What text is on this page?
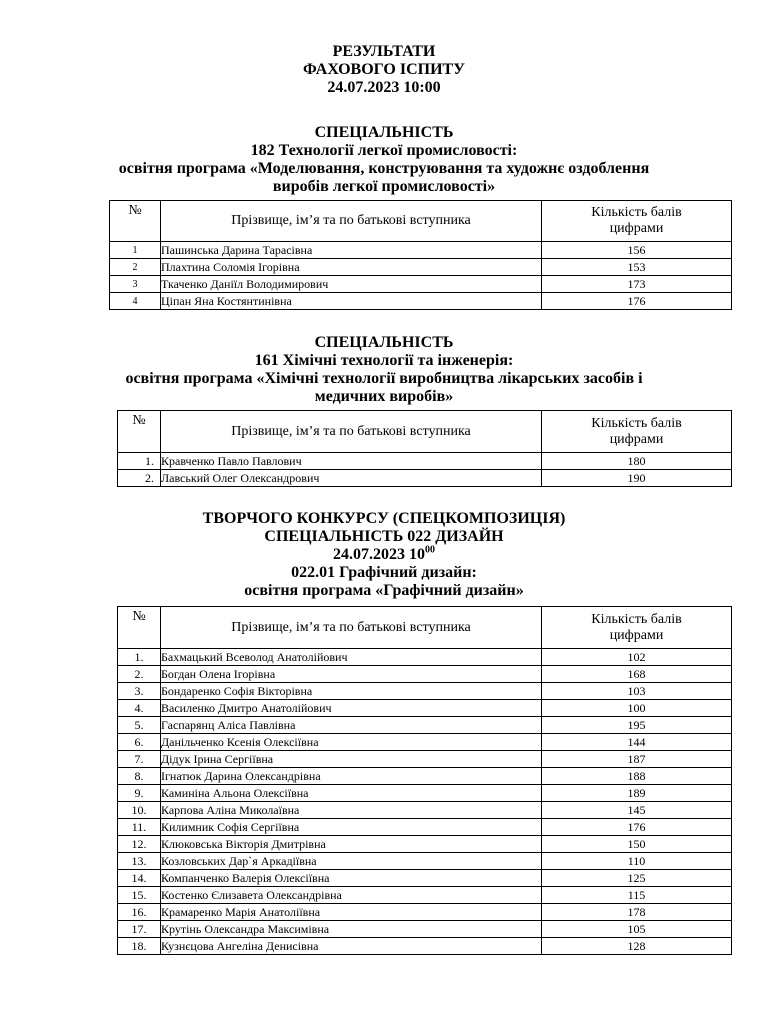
РЕЗУЛЬТАТИ
ФАХОВОГО ІСПИТУ
24.07.2023 10:00
СПЕЦІАЛЬНІСТЬ
182 Технології легкої промисловості:
освітня програма «Моделювання, конструювання та художнє оздоблення
виробів легкої промисловості»
№	Прізвище, ім’я та по батькові вступника	Кількість балів
цифрами

1	Пашинська Дарина Тарасівна	156
2	Плахтина Соломія Ігорівна	153
3	Ткаченко Даніїл Володимирович	173
4	Ціпан Яна Костянтинівна	176
СПЕЦІАЛЬНІСТЬ
161 Хімічні технології та інженерія:
освітня програма «Хімічні технології виробництва лікарських засобів і
медичних виробів»
№	Прізвище, ім’я та по батькові вступника	Кількість балів
цифрами

1.	Кравченко Павло Павлович	180
2.	Лавський Олег Олександрович	190
ТВОРЧОГО КОНКУРСУ (СПЕЦКОМПОЗИЦІЯ)
СПЕЦІАЛЬНІСТЬ 022 ДИЗАЙН
24.07.2023 $10^{00}$
022.01 Графічний дизайн:
освітня програма «Графічний дизайн»
№	Прізвище, ім’я та по батькові вступника	Кількість балів
цифрами

1.	Бахмацький Всеволод Анатолійович	102
2.	Богдан Олена Ігорівна	168
3.	Бондаренко Софія Вікторівна	103
4.	Василенко Дмитро Анатолійович	100
5.	Гаспарянц Аліса Павлівна	195
6.	Данільченко Ксенія Олексіївна	144
7.	Дідук Ірина Сергіївна	187
8.	Ігнатюк Дарина Олександрівна	188
9.	Каминіна Альона Олексіївна	189
10.	Карпова Аліна Миколаївна	145
11.	Килимник Софія Сергіївна	176
12.	Клюковська Вікторія Дмитрівна	150
13.	Козловських Дар`я Аркадіївна	110
14.	Компанченко Валерія Олексіївна	125
15.	Костенко Єлизавета Олександрівна	115
16.	Крамаренко Марія Анатоліївна	178
17.	Крутінь Олександра Максимівна	105
18.	Кузнєцова Ангеліна Денисівна	128
